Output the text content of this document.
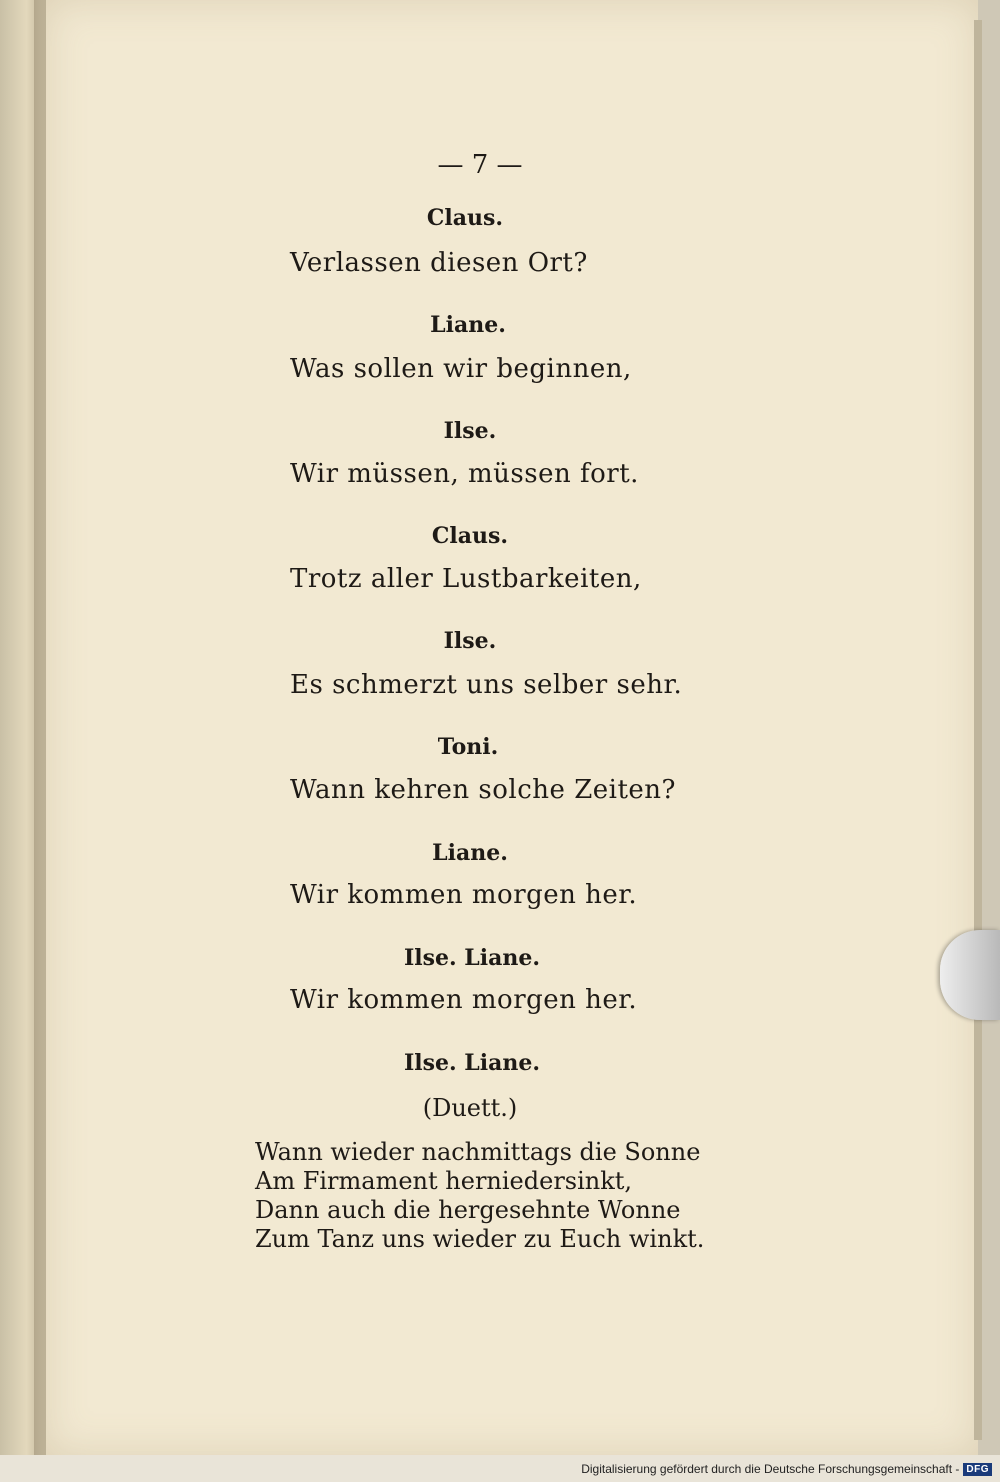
— 7 —
Claus.
Verlassen diesen Ort?
Liane.
Was sollen wir beginnen,
Ilse.
Wir müssen, müssen fort.
Claus.
Trotz aller Lustbarkeiten,
Ilse.
Es schmerzt uns selber sehr.
Toni.
Wann kehren solche Zeiten?
Liane.
Wir kommen morgen her.
Ilse. Liane.
Wir kommen morgen her.
Ilse. Liane.
(Duett.)
Wann wieder nachmittags die Sonne
Am Firmament herniedersinkt,
Dann auch die hergesehnte Wonne
Zum Tanz uns wieder zu Euch winkt.
Digitalisierung gefördert durch die Deutsche Forschungsgemeinschaft - DFG
